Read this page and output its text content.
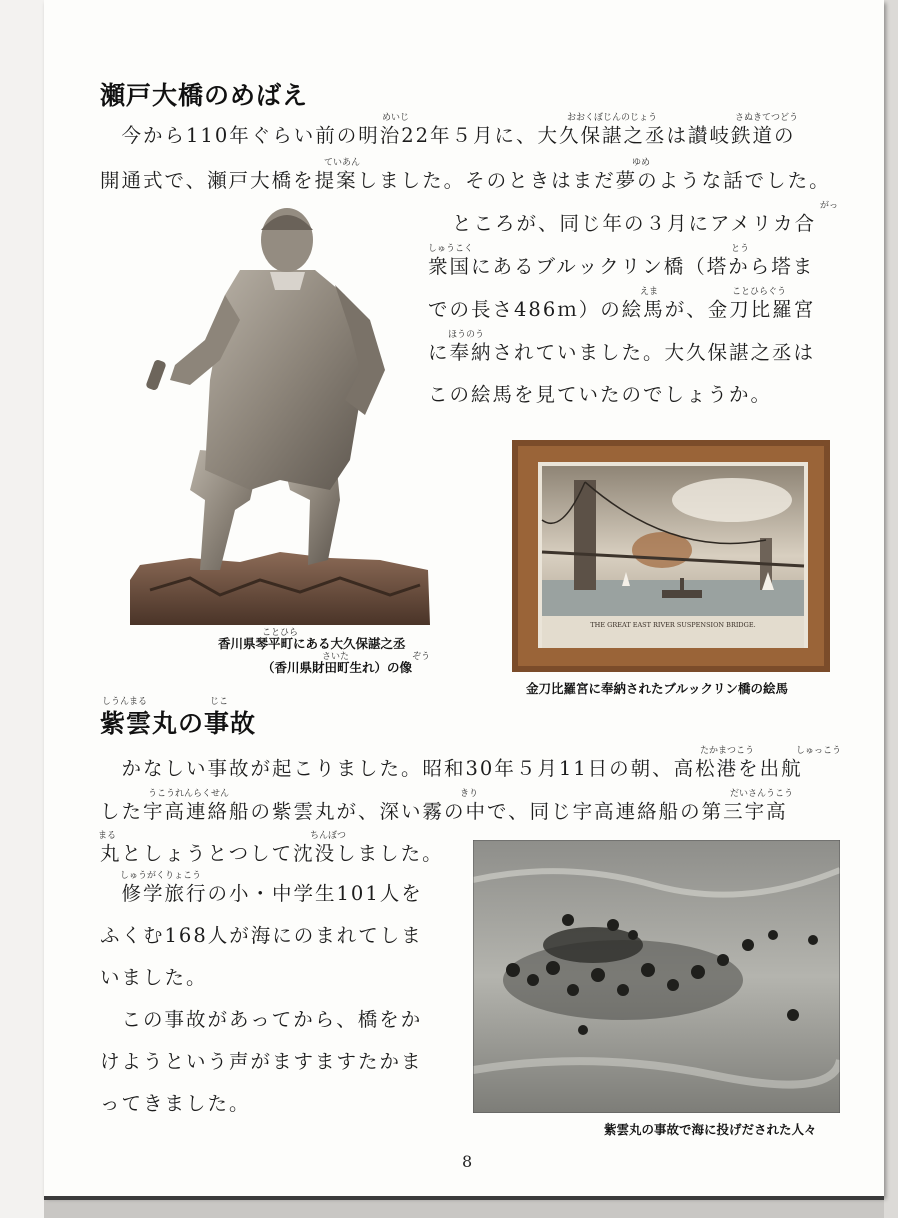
瀬戸大橋のめばえ
めいじ	おおくぼじんのじょう	さぬきてつどう
　今から110年ぐらい前の明治22年５月に、大久保諶之丞は讃岐鉄道の
ていあん	ゆめ
開通式で、瀬戸大橋を提案しました。そのときはまだ夢のような話でした。
がっ
ところが、同じ年の３月にアメリカ合
しゅうこく	とう
衆国にあるブルックリン橋（塔から塔ま
えま	ことひらぐう
での長さ486ｍ）の絵馬が、金刀比羅宮
ほうのう
に奉納されていました。大久保諶之丞は
この絵馬を見ていたのでしょうか。
ことひら
香川県琴平町にある大久保諶之丞
さいた	ぞう
（香川県財田町生れ）の像
THE GREAT EAST RIVER SUSPENSION BRIDGE.
金刀比羅宮に奉納されたブルックリン橋の絵馬
しうんまる	じこ
紫雲丸の事故
たかまつこう	しゅっこう
　かなしい事故が起こりました。昭和30年５月11日の朝、高松港を出航
うこうれんらくせん	きり	だいさんうこう
した宇高連絡船の紫雲丸が、深い霧の中で、同じ宇高連絡船の第三宇高
まる	ちんぼつ
丸としょうとつして沈没しました。
しゅうがくりょこう
　修学旅行の小・中学生101人を
ふくむ168人が海にのまれてしま
いました。
　この事故があってから、橋をか
けようという声がますますたかま
ってきました。
紫雲丸の事故で海に投げだされた人々
8
